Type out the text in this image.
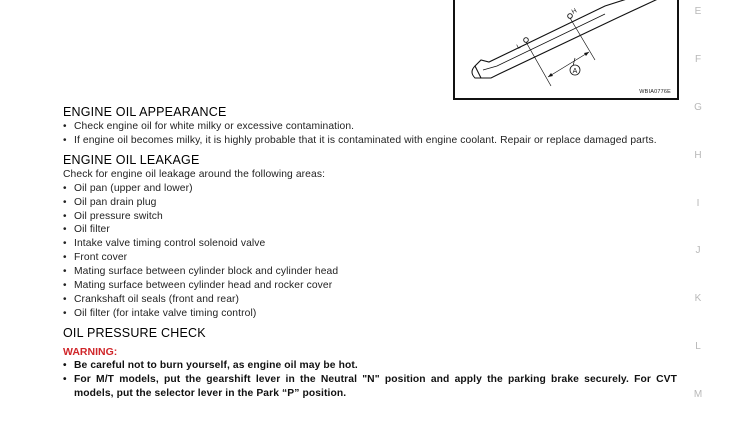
A
H
L
WBIA0776E
E
F
G
H
I
J
K
L
M
ENGINE OIL APPEARANCE
• Check engine oil for white milky or excessive contamination.
• If engine oil becomes milky, it is highly probable that it is contaminated with engine coolant. Repair or replace damaged parts.
ENGINE OIL LEAKAGE
Check for engine oil leakage around the following areas:
• Oil pan (upper and lower)
• Oil pan drain plug
• Oil pressure switch
• Oil filter
• Intake valve timing control solenoid valve
• Front cover
• Mating surface between cylinder block and cylinder head
• Mating surface between cylinder head and rocker cover
• Crankshaft oil seals (front and rear)
• Oil filter (for intake valve timing control)
OIL PRESSURE CHECK
WARNING:
• Be careful not to burn yourself, as engine oil may be hot.
• For M/T models, put the gearshift lever in the Neutral "N" position and apply the parking brake securely. For CVT models, put the selector lever in the Park “P” position.
